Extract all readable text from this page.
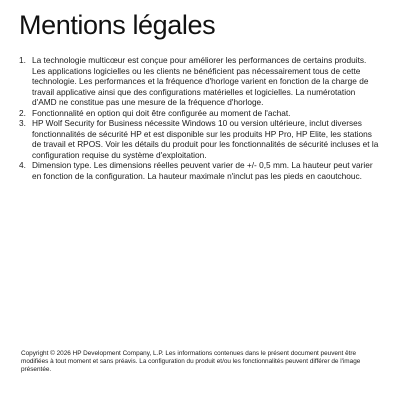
Mentions légales
1. La technologie multicœur est conçue pour améliorer les performances de certains produits. Les applications logicielles ou les clients ne bénéficient pas nécessairement tous de cette technologie. Les performances et la fréquence d'horloge varient en fonction de la charge de travail applicative ainsi que des configurations matérielles et logicielles. La numérotation d'AMD ne constitue pas une mesure de la fréquence d'horloge.
2. Fonctionnalité en option qui doit être configurée au moment de l'achat.
3. HP Wolf Security for Business nécessite Windows 10 ou version ultérieure, inclut diverses fonctionnalités de sécurité HP et est disponible sur les produits HP Pro, HP Elite, les stations de travail et RPOS. Voir les détails du produit pour les fonctionnalités de sécurité incluses et la configuration requise du système d'exploitation.
4. Dimension type. Les dimensions réelles peuvent varier de +/- 0,5 mm. La hauteur peut varier en fonction de la configuration. La hauteur maximale n'inclut pas les pieds en caoutchouc.

Copyright © 2026 HP Development Company, L.P. Les informations contenues dans le présent document peuvent être modifiées à tout moment et sans préavis. La configuration du produit et/ou les fonctionnalités peuvent différer de l'image présentée.
